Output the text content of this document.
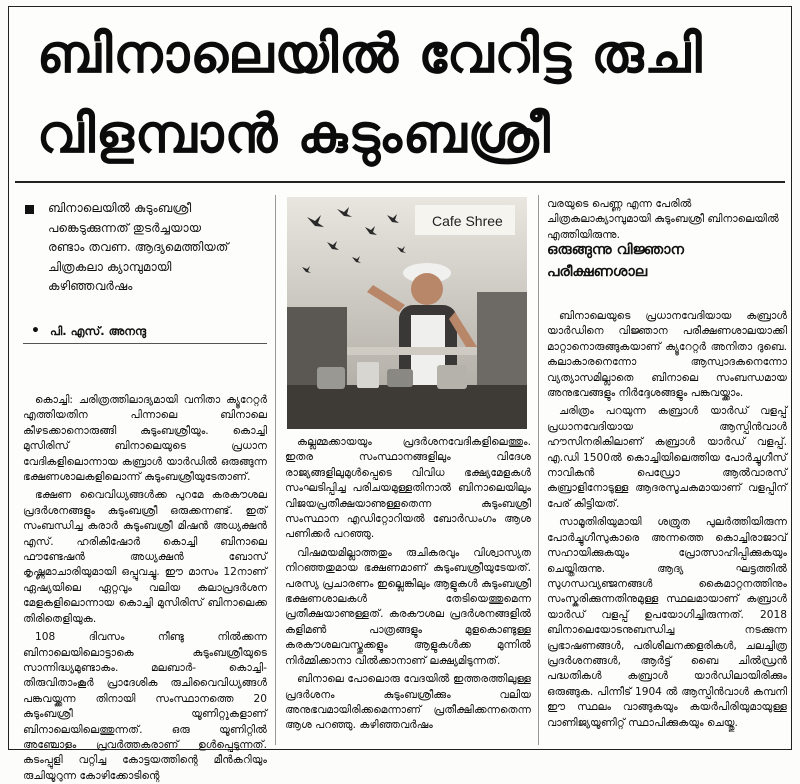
ബിനാലെയിൽ വേറിട്ട രുചി
വിളമ്പാൻ കുടുംബശ്രീ
ബിനാലെയിൽ കുടുംബശ്രീ പങ്കെടുക്കുന്നത് തുടർച്ചയായ രണ്ടാം തവണ. ആദ്യമെത്തിയത് ചിത്രകലാ ക്യാമ്പുമായി കഴിഞ്ഞവർഷം
• പി. എസ്. അനന്ദു

കൊച്ചി: ചരിത്രത്തിലാദ്യമായി വനിതാ ക്യൂറേറ്റർ എത്തിയതിന പിന്നാലെ ബിനാലെ കീഴടക്കാനൊരുങ്ങി കുടുംബശ്രീയും. കൊച്ചി മുസിരിസ് ബിനാലെയുടെ പ്രധാന വേദികളിലൊന്നായ കബ്രാൾ യാർഡിൽ ഒരുങ്ങുന്ന ഭക്ഷണശാലകളിലൊന്ന് കുടുംബശ്രീയുടേതാണ്.

ഭക്ഷണ വൈവിധ്യങ്ങൾക്ക പുറമേ കരകൗശല പ്രദർശനങ്ങളും കുടുംബശ്രീ ഒരുക്കന്നണ്ട്. ഇത് സംബന്ധിച്ച കരാർ കുടുംബശ്രീ മിഷൻ അധ്യക്ഷൻ എസ്. ഹരികിഷോർ കൊച്ചി ബിനാലെ ഫൗണ്ടേഷൻ അധ്യക്ഷൻ ബോസ് കൃഷ്ണമാചാരിയുമായി ഒപ്പുവച്ചു. ഈ മാസം 12നാണ് ഏഷ്യയിലെ ഏറ്റവും വലിയ കലാപ്രദർശന മേളകളിലൊന്നായ കൊച്ചി മുസിരിസ് ബിനാലെക്ക തിരിതെളിയുക.

108 ദിവസം നീണ്ടു നിൽക്കന്ന ബിനാലെയിലൊട്ടാകെ കുടുംബശ്രീയുടെ സാന്നിദ്ധ്യമുണ്ടാകം. മലബാർ- കൊച്ചി- തിരുവിതാംകൂർ പ്രാദേശിക രുചിവൈവിധ്യങ്ങൾ പങ്കവയ്ക്കന്ന തിനായി സംസ്ഥാനത്തെ 20 കുടുംബശ്രീ യൂണിറ്റുകളാണ് ബിനാലെയിലെത്തുന്നത്. ഒരു യൂണിറ്റിൽ അഞ്ചോളം പ്രവർത്തകരാണ് ഉൾപ്പെടുന്നത്. കടംപ്പുളി വറ്റിച്ച കോട്ടയത്തിന്റെ മീൻകറിയും രുചിയൂറുന്ന കോഴിക്കോടിന്റെ

Cafe Shree

കല്ലമ്മക്കായയും പ്രദർശനവേദികളിലെത്തും. ഇതര സംസ്ഥാനങ്ങളിലും വിദേശ രാജ്യങ്ങളിലുമുൾപ്പെടെ വിവിധ ഭക്ഷ്യമേളകൾ സംഘടിപ്പിച്ച പരിചയമുള്ളതിനാൽ ബിനാലെയിലും വിജയപ്രതീക്ഷയാണുള്ളതെന്ന കുടുംബശ്രീ സംസ്ഥാന എഡിറ്റോറിയൽ ബോർഡംഗം ആശ പണിക്കർ പറഞ്ഞു.

വിഷമയമില്ലാത്തതും രുചികരവും വിശ്വാസ്യത നിറഞ്ഞതുമായ ഭക്ഷണമാണ് കുടുംബശ്രീയുടേയത്. പരസ്യ പ്രചാരണം ഇല്ലെങ്കിലും ആളുകൾ കുടുംബശ്രീ ഭക്ഷണശാലകൾ തേടിയെത്തുമെന്ന പ്രതീക്ഷയാണുള്ളത്. കരകൗശല പ്രദർശനങ്ങളിൽ കളിമൺ പാത്രങ്ങളും മുളകൊണ്ടുള്ള കരകൗശലവസ്തുക്കളും ആളുകൾക്ക മുന്നിൽ നിർമ്മിക്കാനാ വിൽക്കാനാണ് ലക്ഷ്യമിടുന്നത്.

ബിനാലെ പോലൊരു വേദയിൽ ഇത്തരത്തിലുള്ള പ്രദർശനം കുടുംബശ്രീക്കും വലിയ അനുഭവമായിരിക്കമെന്നാണ് പ്രതീക്ഷിക്കന്നതെന്ന ആശ പറഞ്ഞു. കഴിഞ്ഞവർഷം

വരയുടെ പെണ്ണ എന്ന പേരിൽ ചിത്രകലാക്യാമ്പുമായി കുടുംബശ്രീ ബിനാലെയിൽ എത്തിയിരുന്നു.
ഒരുങ്ങുന്നു വിജ്ഞാന പരീക്ഷണശാല

ബിനാലെയുടെ പ്രധാനവേദിയായ കബ്രാൾ യാർഡിനെ വിജ്ഞാന പരീക്ഷണശാലയാക്കി മാറ്റാനൊരുങ്ങുകയാണ് ക്യൂറേറ്റർ അനിതാ ദുബെ. കലാകാരനെന്നോ ആസ്വാദകനെന്നോ വ്യത്യാസമില്ലാതെ ബിനാലെ സംബന്ധമായ അനുഭവങ്ങളും നിർദ്ദേശങ്ങളും പങ്കവയ്ക്കാം.

ചരിത്രം പറയുന്ന കബ്രാൾ യാർഡ് വളപ്പ് പ്രധാനവേദിയായ ആസ്പിൻവാൾ ഹൗസിനരികിലാണ് കബ്രാൾ യാർഡ് വളപ്പ്. എ.ഡി 1500ൽ കൊച്ചിയിലെത്തിയ പോർച്ചുഗീസ് നാവികൻ പെഡ്രോ ആൽവാരസ് കബ്രാളിനോടുള്ള ആദരസൂചകമായാണ് വളപ്പിന് പേര് കിട്ടിയത്.

സാമൂതിരിയുമായി ശത്രുത പുലർത്തിയിരുന്ന പോർച്ചുഗീസുകാരെ അന്നത്തെ കൊച്ചിരാജാവ് സഹായിക്കുകയും പ്രോത്സാഹിപ്പിക്കുകയും ചെയ്തിരുന്നു. ആദ്യ ഘട്ടത്തിൽ സുഗന്ധവ്യഞ്ജനങ്ങൾ കൈമാറ്റനത്തിനും സംസ്കരിക്കുന്നതിനുമുള്ള സ്ഥലമായാണ് കബ്രാൾ യാർഡ് വളപ്പ് ഉപയോഗിച്ചിരുന്നത്. 2018 ബിനാലെയോടനുബന്ധിച്ച നടക്കുന്ന പ്രഭാഷണങ്ങൾ, പരിശീലനക്കളരികൾ, ചലച്ചിത്ര പ്രദർശനങ്ങൾ, ആർട്ട് ബൈ ചിൽഡ്രൻ പദ്ധതികൾ കബ്രാൾ യാർഡിലായിരിക്കും ഒരുങ്ങുക. പിന്നീട് 1904 ൽ ആസ്പിൻവാൾ കമ്പനി ഈ സ്ഥലം വാങ്ങുകയും കയർപിരിയുമായുള്ള വാണിജ്യയൂണിറ്റ് സ്ഥാപിക്കുകയും ചെയ്തു.
